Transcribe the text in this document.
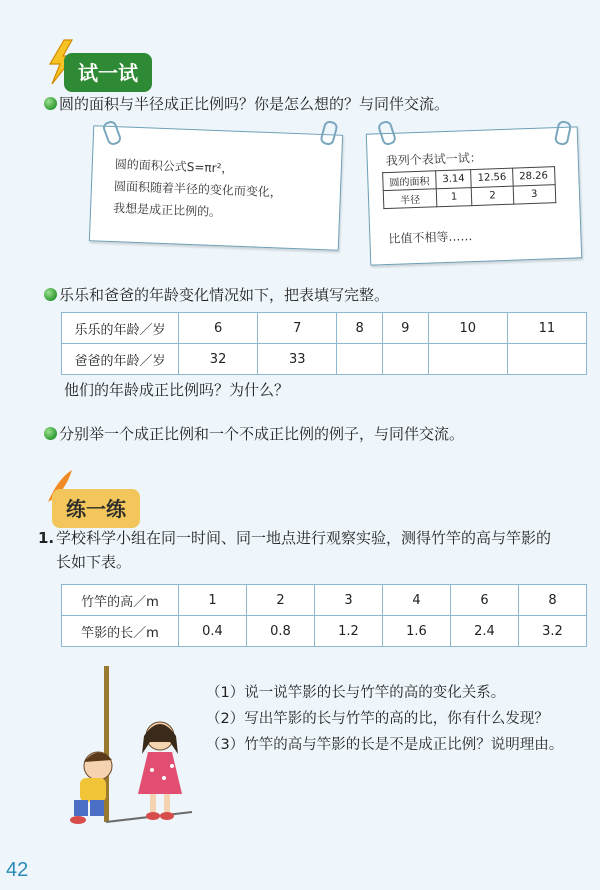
试一试
圆的面积与半径成正比例吗？你是怎么想的？与同伴交流。
圆的面积公式S=πr²，
圆面积随着半径的变化而变化，
我想是成正比例的。
我列个表试一试：
圆的面积	3.14	12.56	28.26
半径	1	2	3
比值不相等……
乐乐和爸爸的年龄变化情况如下，把表填写完整。
乐乐的年龄／岁	6	7	8	9	10	11
爸爸的年龄／岁	32	33				
他们的年龄成正比例吗？为什么？
分别举一个成正比例和一个不成正比例的例子，与同伴交流。
练一练
1. 学校科学小组在同一时间、同一地点进行观察实验，测得竹竿的高与竿影的
长如下表。
竹竿的高／m	1	2	3	4	6	8
竿影的长／m	0.4	0.8	1.2	1.6	2.4	3.2
（1）说一说竿影的长与竹竿的高的变化关系。
（2）写出竿影的长与竹竿的高的比，你有什么发现？
（3）竹竿的高与竿影的长是不是成正比例？说明理由。
42
